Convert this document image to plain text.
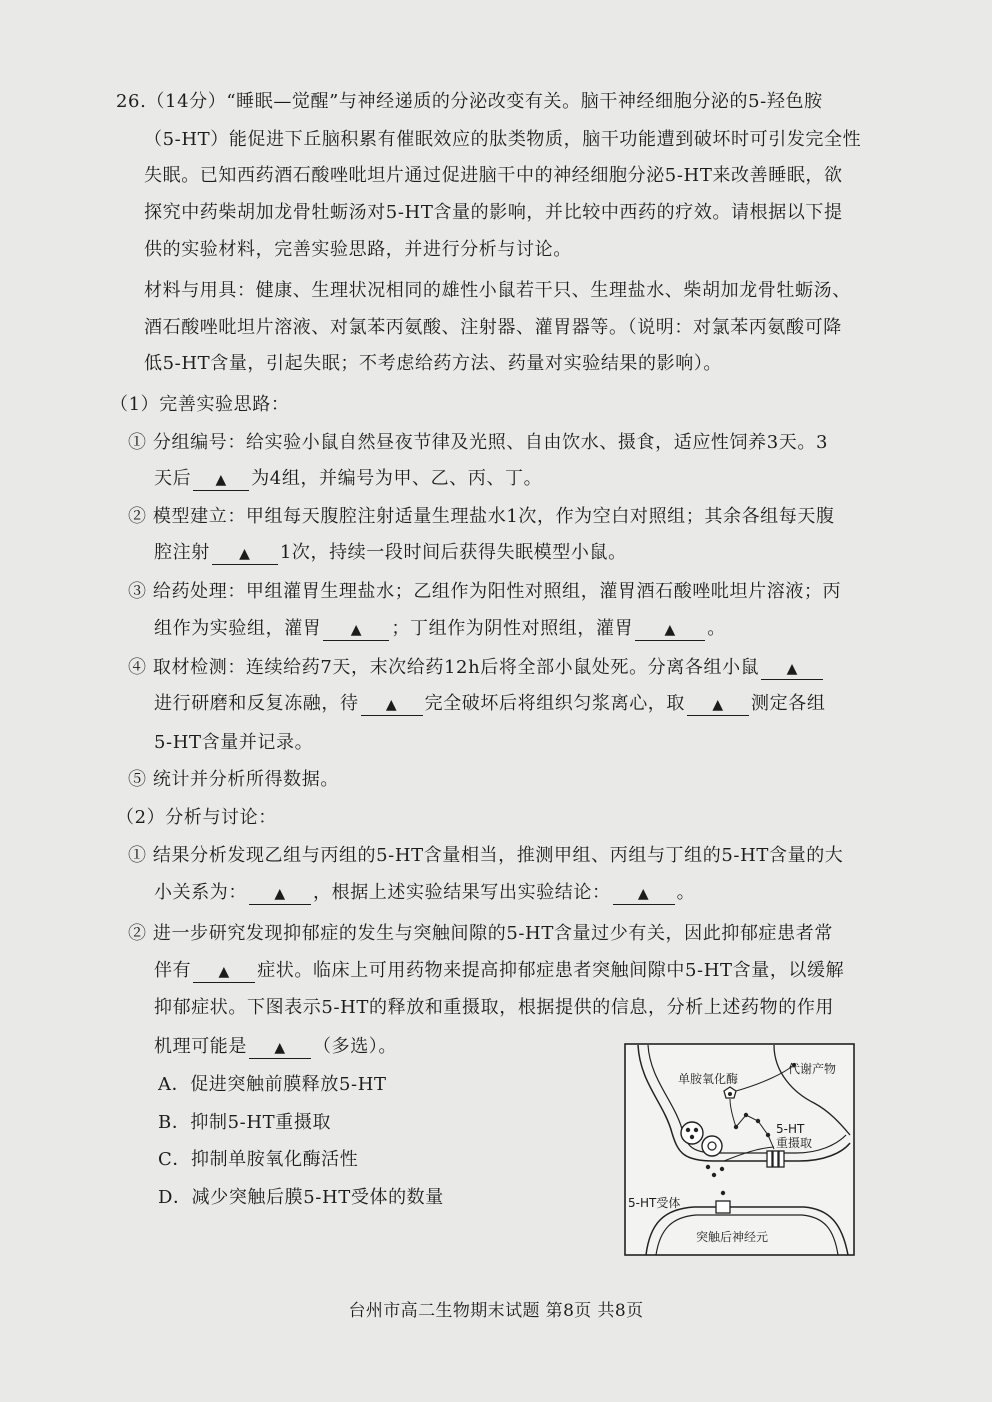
26.（14分）“睡眠—觉醒”与神经递质的分泌改变有关。脑干神经细胞分泌的5-羟色胺
（5-HT）能促进下丘脑积累有催眠效应的肽类物质，脑干功能遭到破坏时可引发完全性
失眠。已知西药酒石酸唑吡坦片通过促进脑干中的神经细胞分泌5-HT来改善睡眠，欲
探究中药柴胡加龙骨牡蛎汤对5-HT含量的影响，并比较中西药的疗效。请根据以下提
供的实验材料，完善实验思路，并进行分析与讨论。
材料与用具：健康、生理状况相同的雄性小鼠若干只、生理盐水、柴胡加龙骨牡蛎汤、
酒石酸唑吡坦片溶液、对氯苯丙氨酸、注射器、灌胃器等。（说明：对氯苯丙氨酸可降
低5-HT含量，引起失眠；不考虑给药方法、药量对实验结果的影响）。
（1）完善实验思路：
① 分组编号：给实验小鼠自然昼夜节律及光照、自由饮水、摄食，适应性饲养3天。3
天后 ▲ 为4组，并编号为甲、乙、丙、丁。
② 模型建立：甲组每天腹腔注射适量生理盐水1次，作为空白对照组；其余各组每天腹
腔注射 ▲ 1次，持续一段时间后获得失眠模型小鼠。
③ 给药处理：甲组灌胃生理盐水；乙组作为阳性对照组，灌胃酒石酸唑吡坦片溶液；丙
组作为实验组，灌胃 ▲ ；丁组作为阴性对照组，灌胃 ▲ 。
④ 取材检测：连续给药7天，末次给药12h后将全部小鼠处死。分离各组小鼠 ▲
进行研磨和反复冻融，待 ▲ 完全破坏后将组织匀浆离心，取 ▲ 测定各组
5-HT含量并记录。
⑤ 统计并分析所得数据。
（2）分析与讨论：
① 结果分析发现乙组与丙组的5-HT含量相当，推测甲组、丙组与丁组的5-HT含量的大
小关系为： ▲ ，根据上述实验结果写出实验结论： ▲ 。
② 进一步研究发现抑郁症的发生与突触间隙的5-HT含量过少有关，因此抑郁症患者常
伴有 ▲ 症状。临床上可用药物来提高抑郁症患者突触间隙中5-HT含量，以缓解
抑郁症状。下图表示5-HT的释放和重摄取，根据提供的信息，分析上述药物的作用
机理可能是 ▲ （多选）。
A．促进突触前膜释放5-HT
B．抑制5-HT重摄取
C．抑制单胺氧化酶活性
D．减少突触后膜5-HT受体的数量
单胺氧化酶
代谢产物
5-HT
重摄取
5-HT受体
突触后神经元
台州市高二生物期末试题 第8页 共8页
